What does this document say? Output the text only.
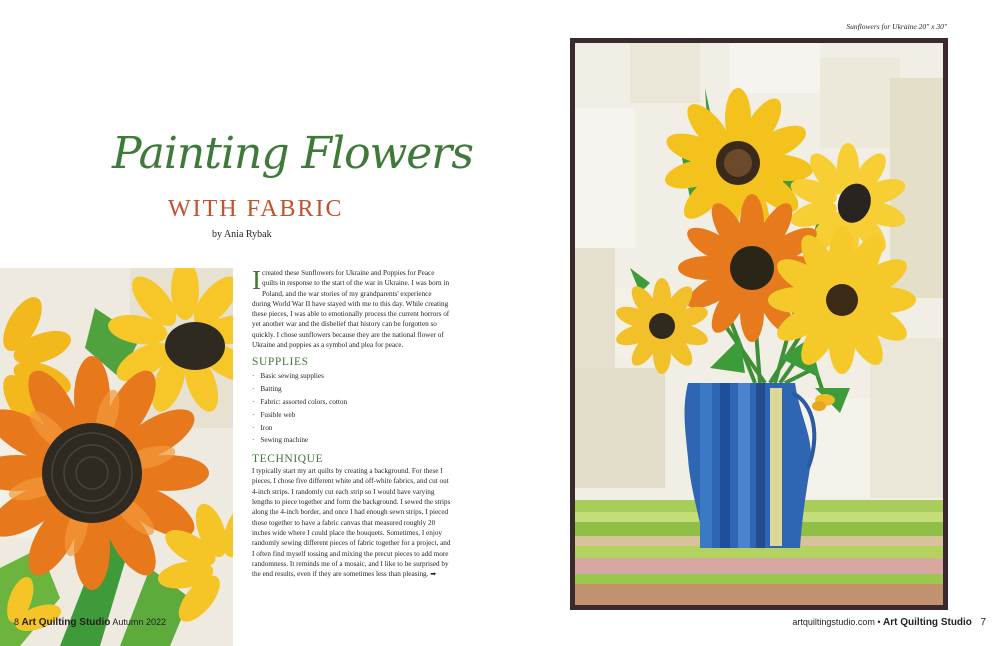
Painting Flowers
WITH FABRIC
by Ania Rybak
8 Art Quilting Studio Autumn 2022

I created these Sunflowers for Ukraine and Poppies for Peace quilts in response to the start of the war in Ukraine. I was born in Poland, and the war stories of my grandparents' experience during World War II have stayed with me to this day. While creating these pieces, I was able to emotionally process the current horrors of yet another war and the disbelief that history can be forgotten so quickly. I chose sunflowers because they are the national flower of Ukraine and poppies as a symbol and plea for peace.

SUPPLIES
· Basic sewing supplies
· Batting
· Fabric: assorted colors, cotton
· Fusible web
· Iron
· Sewing machine
TECHNIQUE

I typically start my art quilts by creating a background. For these I pieces, I chose five different white and off-white fabrics, and cut out 4-inch strips. I randomly cut each strip so I would have varying lengths to piece together and form the background. I sewed the strips along the 4-inch border, and once I had enough sewn strips, I pieced those together to have a fabric canvas that measured roughly 20 inches wide where I could place the bouquets. Sometimes, I enjoy randomly sewing different pieces of fabric together for a project, and I often find myself tossing and mixing the precut pieces to add more randomness. It reminds me of a mosaic, and I like to be surprised by the end results, even if they are sometimes less than pleasing. ➡

Sunflowers for Ukraine 20" x 30"
artquiltingstudio.com • Art Quilting Studio 7
